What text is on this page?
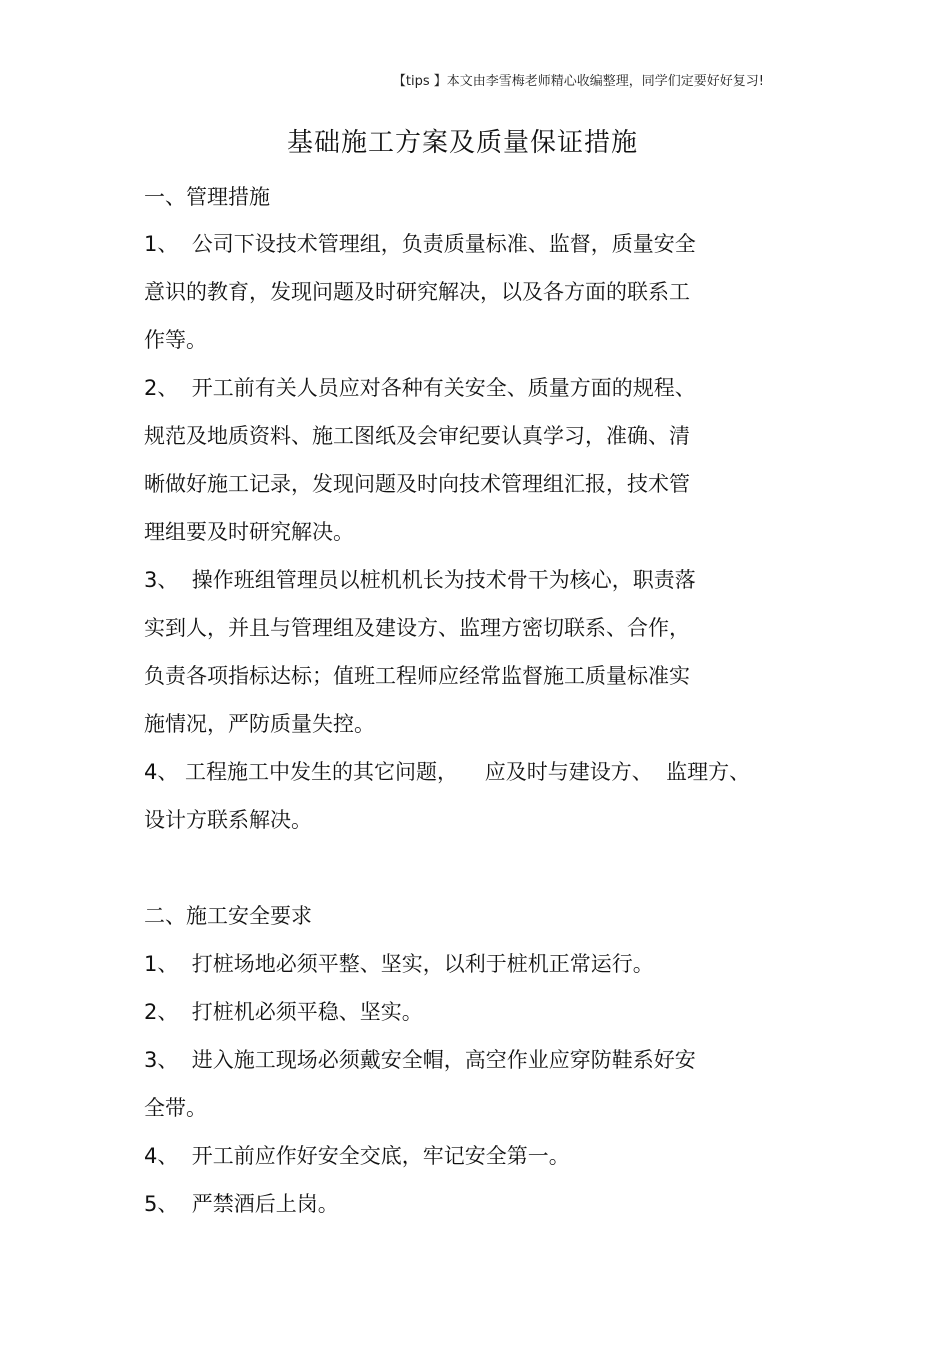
【tips 】本文由李雪梅老师精心收编整理，同学们定要好好复习!
基础施工方案及质量保证措施
一、管理措施
1、  公司下设技术管理组，负责质量标准、监督，质量安全
意识的教育，发现问题及时研究解决，以及各方面的联系工
作等。
2、  开工前有关人员应对各种有关安全、质量方面的规程、
规范及地质资料、施工图纸及会审纪要认真学习，准确、清
晰做好施工记录，发现问题及时向技术管理组汇报，技术管
理组要及时研究解决。
3、  操作班组管理员以桩机机长为技术骨干为核心，职责落
实到人，并且与管理组及建设方、监理方密切联系、合作，
负责各项指标达标；值班工程师应经常监督施工质量标准实
施情况，严防质量失控。
4、 工程施工中发生的其它问题，    应及时与建设方、  监理方、
设计方联系解决。
二、施工安全要求
1、  打桩场地必须平整、坚实，以利于桩机正常运行。
2、  打桩机必须平稳、坚实。
3、  进入施工现场必须戴安全帽，高空作业应穿防鞋系好安
全带。
4、  开工前应作好安全交底，牢记安全第一。
5、  严禁酒后上岗。
